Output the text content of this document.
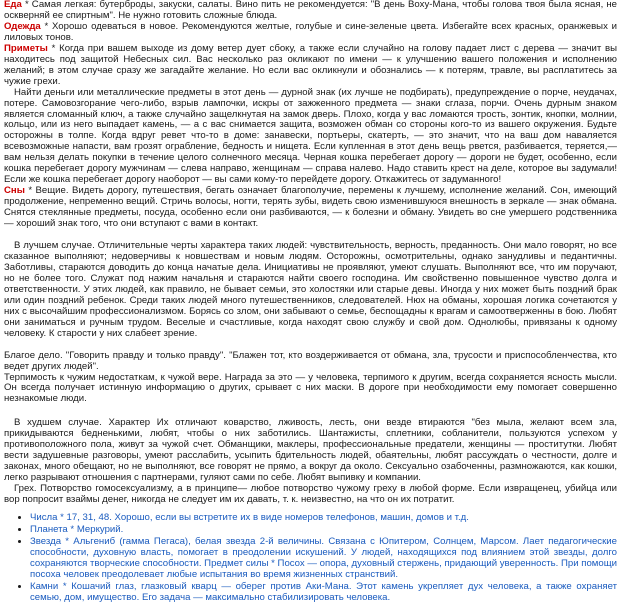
Еда * Самая легкая: бутерброды, закуски, салаты. Вино пить не рекомендуется: "В день Вохy-Мана, чтобы голова твоя была ясная, не оскверняй ее спиртным". Не нужно готовить сложные блюда.

Одежда * Хорошо одеваться в новое. Рекомендуются желтые, голубые и сине-зеленые цвета. Избегайте всех красных, оранжевых и лиловых тонов.

Приметы * Когда при вашем выходе из дому ветер дует сбоку, а также если случайно на голову падает лист с дерева — значит вы находитесь под защитой Небесных сил. Вас несколько раз окликают по имени — к улучшению вашего положения и исполнению желаний; в этом случае сразу же загадайте желание. Но если вас окликнули и обознались — к потерям, травле, вы расплатитесь за чужие грехи.

Найти деньги или металлические предметы в этот день — дурной знак (их лучше не подбирать), предупреждение о порче, неудачах, потере. Самовозгорание чего-либо, взрыв лампочки, искры от зажженного предмета — знаки сглаза, порчи. Очень дурным знаком является сломанный ключ, а также случайно защелкнутая на замок дверь. Плохо, когда у вас ломаются трость, зонтик, кнопки, молнии, кольцо, или из него выпадает камень, — а с вас снимается защита, возможен обман со стороны кого-то из вашего окружения. Будьте осторожны в толпе. Когда вдруг ревет что-то в доме: занавески, портьеры, скатерть, — это значит, что на ваш дом наваляется всевозможные напасти, вам грозят ограбление, бедность и нищета. Если купленная в этот день вещь рвется, разбивается, теряется,— вам нельзя делать покупки в течение целого солнечного месяца. Черная кошка перебегает дорогу — дороги не будет, особенно, если кошка перебегает дорогу мужчинам — слева направо, женщинам — справа налево. Надо ставить крест на деле, которое вы задумали! Если же кошка перебегает дорогу наоборот — вы сами кому-то перейдете дорогу. Откажитесь от задуманного!

Сны * Вещие. Видеть дорогу, путешествия, бегать означает благополучие, перемены к лучшему, исполнение желаний. Сон, имеющий продолжение, непременно вещий. Стричь волосы, ногти, терять зубы, видеть свою изменившуюся внешность в зеркале — знак обмана. Снятся стеклянные предметы, посуда, особенно если они разбиваются, — к болезни и обману. Увидеть во сне умершего родственника — хороший знак того, что они вступают с вами в контакт.

В лучшем случае. Отличительные черты характера таких людей: чувствительность, верность, преданность. Они мало говорят, но все сказанное выполняют; недоверчивы к новшествам и новым людям. Осторожны, осмотрительны, однако занудливы и педантичны. Заботливы, стараются доводить до конца начатые дела. Инициативы не проявляют, умеют слушать. Выполняют все, что им поручают, но не более того. Служат под нажим начальня и стараются найти своего господина. Им свойственно повышенное чувство долга и ответственности. У этих людей, как правило, не бывает семьи, это холостяки или старые девы. Иногда у них может быть поздний брак или один поздний ребенок. Среди таких людей много путешественников, следователей. Нюх на обманы, хорошая логика сочетаются у них с высочайшим профессионализмом. Борясь со злом, они забывают о семье, беспощадны к врагам и самоотверженны в бою. Любят они заниматься и ручным трудом. Веселые и счастливые, когда находят свою службу и свой дом. Однолюбы, привязаны к одному человеку. К старости у них слабеет зрение.

Благое дело. "Говорить правду и только правду". "Блажен тот, кто воздерживается от обмана, зла, трусости и приспособленчества, кто ведет других людей".

Терпимость к чужим недостаткам, к чужой вере. Награда за это — у человека, терпимого к другим, всегда сохраняется ясность мысли. Он всегда получает истинную информацию о других, срывает с них маски. В дороге при необходимости ему помогает совершенно незнакомые люди.

В худшем случае. Характер Их отличают коварство, лживость, лесть, они везде втираются "без мыла, желают всем зла, прикидываются бедненькими, любят, чтобы о них заботились. Шантажисты, сплетники, собланители, пользуются успехом у противоположного пола, живут за чужой счет. Обманщики, маклеры, профессиональные предатели, женщины — проститутки. Любят вести задушевные разговоры, умеют расслабить, усыпить бдительность людей, обаятельны, любят рассуждать о честности, долге и законах, много обещают, но не выполняют, все говорят не прямо, а вокруг да около. Сексуально озабоченны, размножаются, как кошки, легко разрывают отношения с партнерами, гуляют сами по себе. Любят выпивку и компании.

Грех. Потворство гомосексуализму, а в принципе— любое потворство чужому греху в любой форме. Если извращенец, убийца или вор попросит взаймы денег, никогда не следует им их давать, т. к. неизвестно, на что он их потратит.

• Числа * 17, 31, 48. Хорошо, если вы встретите их в виде номеров телефонов, машин, домов и т.д.
• Планета * Меркурий.
• Звезда * Альгениб (гамма Пегаса), белая звезда 2-й величины. Связана с Юпитером, Солнцем, Марсом. Лает педагогические способности, духовную власть, помогает в преодолении искушений. У людей, находящихся под влиянием этой звезды, долго сохраняются творческие способности. Предмет силы * Посох — опора, духовный стержень, придающий уверенность. При помощи посоха человек преодолевает любые испытания во время жизненных странствий.
• Камни * Кошачий глаз, глазковый кварц — оберег против Аки-Мана. Этот камень укрепляет дух человека, а также охраняет семью, дом, имущество. Его задача — максимально стабилизировать человека.
